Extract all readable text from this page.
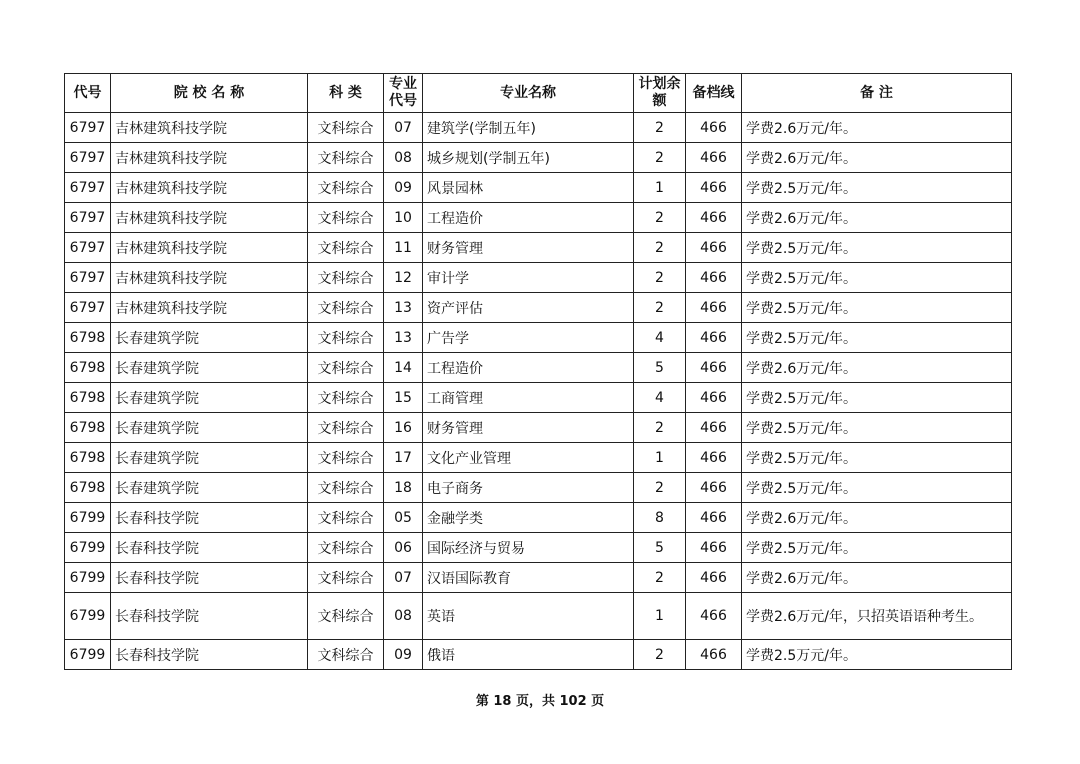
代号	院 校 名 称	科 类	专业代号	专业名称	计划余额	备档线	备 注
6797	吉林建筑科技学院	文科综合	07	建筑学(学制五年)	2	466	学费2.6万元/年。
6797	吉林建筑科技学院	文科综合	08	城乡规划(学制五年)	2	466	学费2.6万元/年。
6797	吉林建筑科技学院	文科综合	09	风景园林	1	466	学费2.5万元/年。
6797	吉林建筑科技学院	文科综合	10	工程造价	2	466	学费2.6万元/年。
6797	吉林建筑科技学院	文科综合	11	财务管理	2	466	学费2.5万元/年。
6797	吉林建筑科技学院	文科综合	12	审计学	2	466	学费2.5万元/年。
6797	吉林建筑科技学院	文科综合	13	资产评估	2	466	学费2.5万元/年。
6798	长春建筑学院	文科综合	13	广告学	4	466	学费2.5万元/年。
6798	长春建筑学院	文科综合	14	工程造价	5	466	学费2.6万元/年。
6798	长春建筑学院	文科综合	15	工商管理	4	466	学费2.5万元/年。
6798	长春建筑学院	文科综合	16	财务管理	2	466	学费2.5万元/年。
6798	长春建筑学院	文科综合	17	文化产业管理	1	466	学费2.5万元/年。
6798	长春建筑学院	文科综合	18	电子商务	2	466	学费2.5万元/年。
6799	长春科技学院	文科综合	05	金融学类	8	466	学费2.6万元/年。
6799	长春科技学院	文科综合	06	国际经济与贸易	5	466	学费2.5万元/年。
6799	长春科技学院	文科综合	07	汉语国际教育	2	466	学费2.6万元/年。
6799	长春科技学院	文科综合	08	英语	1	466	学费2.6万元/年，只招英语语种考生。
6799	长春科技学院	文科综合	09	俄语	2	466	学费2.5万元/年。
第 18 页，共 102 页
